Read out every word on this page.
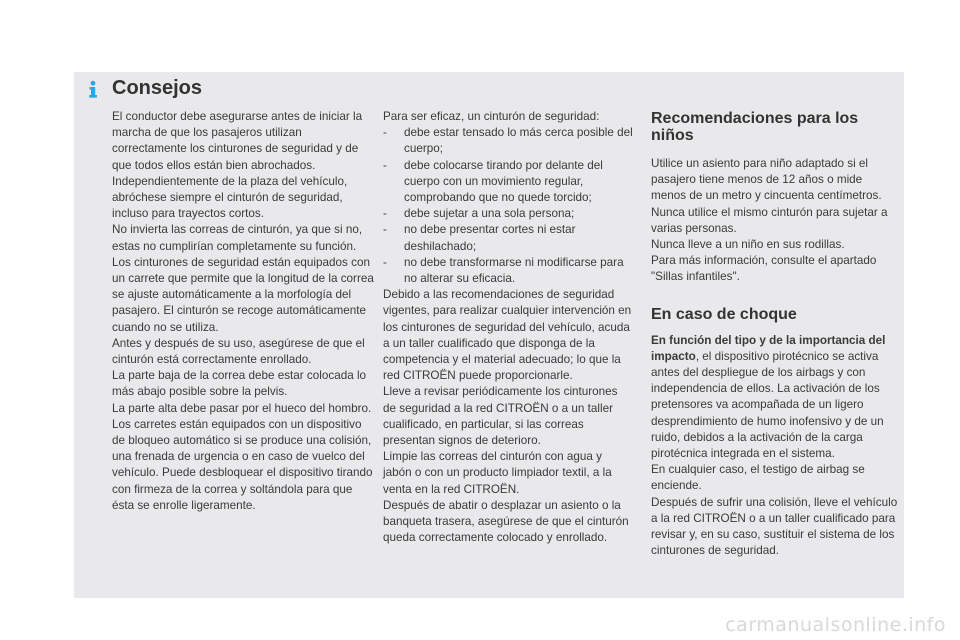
Consejos

El conductor debe asegurarse antes de iniciar la marcha de que los pasajeros utilizan correctamente los cinturones de seguridad y de que todos ellos están bien abrochados.

Independientemente de la plaza del vehículo, abróchese siempre el cinturón de seguridad, incluso para trayectos cortos.

No invierta las correas de cinturón, ya que si no, estas no cumplirían completamente su función.

Los cinturones de seguridad están equipados con un carrete que permite que la longitud de la correa se ajuste automáticamente a la morfología del pasajero. El cinturón se recoge automáticamente cuando no se utiliza.

Antes y después de su uso, asegúrese de que el cinturón está correctamente enrollado.

La parte baja de la correa debe estar colocada lo más abajo posible sobre la pelvis.

La parte alta debe pasar por el hueco del hombro.

Los carretes están equipados con un dispositivo de bloqueo automático si se produce una colisión, una frenada de urgencia o en caso de vuelco del vehículo. Puede desbloquear el dispositivo tirando con firmeza de la correa y soltándola para que ésta se enrolle ligeramente.

Para ser eficaz, un cinturón de seguridad:

-	debe estar tensado lo más cerca posible del cuerpo;
-	debe colocarse tirando por delante del cuerpo con un movimiento regular, comprobando que no quede torcido;
-	debe sujetar a una sola persona;
-	no debe presentar cortes ni estar deshilachado;
-	no debe transformarse ni modificarse para no alterar su eficacia.

Debido a las recomendaciones de seguridad vigentes, para realizar cualquier intervención en los cinturones de seguridad del vehículo, acuda a un taller cualificado que disponga de la competencia y el material adecuado; lo que la red CITROËN puede proporcionarle.

Lleve a revisar periódicamente los cinturones de seguridad a la red CITROËN o a un taller cualificado, en particular, si las correas presentan signos de deterioro.

Limpie las correas del cinturón con agua y jabón o con un producto limpiador textil, a la venta en la red CITROËN.

Después de abatir o desplazar un asiento o la banqueta trasera, asegúrese de que el cinturón queda correctamente colocado y enrollado.

Recomendaciones para los niños

Utilice un asiento para niño adaptado si el pasajero tiene menos de 12 años o mide menos de un metro y cincuenta centímetros.

Nunca utilice el mismo cinturón para sujetar a varias personas.

Nunca lleve a un niño en sus rodillas.

Para más información, consulte el apartado "Sillas infantiles".

En caso de choque

En función del tipo y de la importancia del impacto, el dispositivo pirotécnico se activa antes del despliegue de los airbags y con independencia de ellos. La activación de los pretensores va acompañada de un ligero desprendimiento de humo inofensivo y de un ruido, debidos a la activación de la carga pirotécnica integrada en el sistema.

En cualquier caso, el testigo de airbag se enciende.

Después de sufrir una colisión, lleve el vehículo a la red CITROËN o a un taller cualificado para revisar y, en su caso, sustituir el sistema de los cinturones de seguridad.

carmanualsonline.info
